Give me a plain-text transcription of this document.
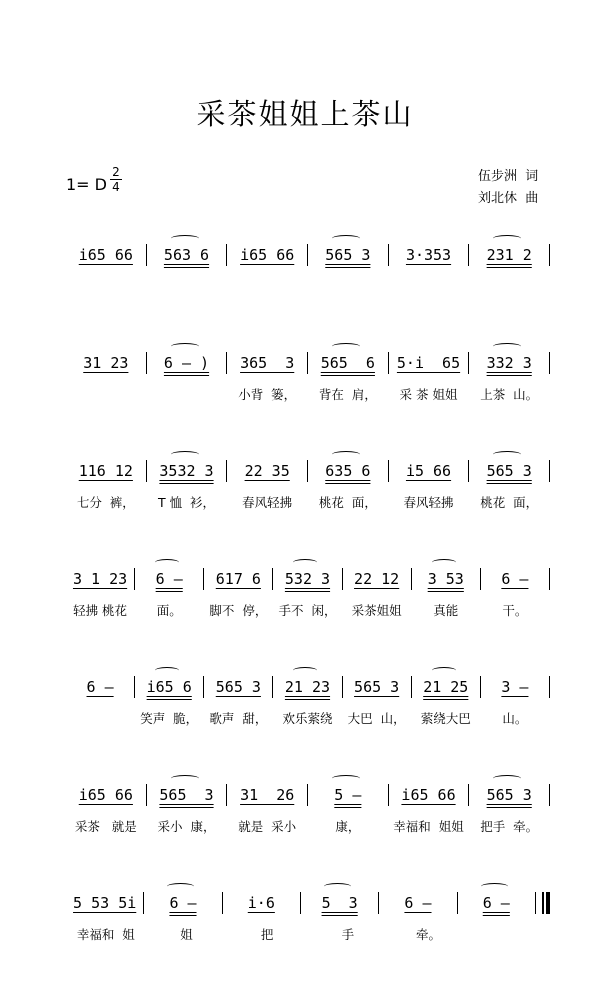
采茶姐姐上茶山
1= D
2
4
伍步洲  词
刘北休  曲
i65 66	563 6	i65 66	565 3	3·353	231 2
31 23	6 – )	365  3	565  6	5·i  65	332 3
小背  篓，	背在  肩，	采 茶 姐姐	上茶  山。
116 12	3532 3	22 35	635 6	i5 66	565 3
七分  裤，	T 恤  衫，	春风轻拂	桃花  面，	春风轻拂	桃花  面，
3 1 23	6 –	617 6	532 3	22 12	3 53	6 –
轻拂 桃花	面。	脚不  停， 手不  闲，	采茶姐姐	真能	干。
6 –	i65 6	565 3	21 23	565 3	21 25	3 –
笑声  脆， 歌声  甜，	欢乐萦绕	大巴  山，	萦绕大巴	山。
i65 66	565  3	31  26	5 –	i65 66	565 3
采茶   就是	采小  康，	就是  采小	康，	幸福和  姐姐	把手  牵。
5 53 5i	6 –	i·6	5  3	6 –	6 –
幸福和  姐	姐	把	手	牵。
